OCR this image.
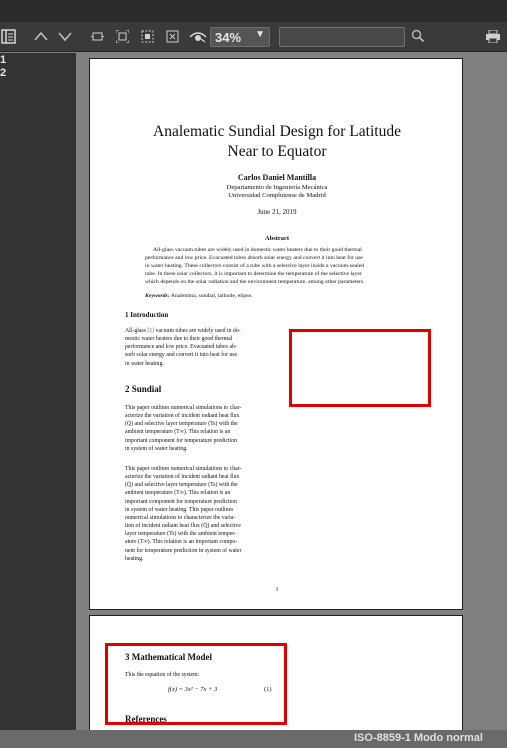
34% ▼
1
2
Analematic Sundial Design for Latitude
Near to Equator
Carlos Daniel Mantilla
Departamento de Ingeniería Mecánica
Universidad Complutense de Madrid
June 21, 2019
Abstract
All-glass vacuum tubes are widely used in domestic water heaters due to their good thermal
performance and low price. Evacuated tubes absorb solar energy and convert it into heat for use
in water heating. These collectors consist of a tube with a selective layer inside a vacuum-sealed
tube. In these solar collectors, it is important to determine the temperature of the selective layer
which depends on the solar radiation and the environment temperature, among other parameters.
Keywords: Analemma, sundial, latitude, elipse.
1 Introduction
All-glass [1] vacuum tubes are widely used in do-
mestic water heaters due to their good thermal
performance and low price. Evacuated tubes ab-
sorb solar energy and convert it into heat for use
in water heating.
2 Sundial
This paper outlines numerical simulations to char-
acterize the variation of incident radiant heat flux
(Q̇) and selective layer temperature (Ts) with the
ambient temperature (T∞). This relation is an
important component for temperature prediction
in system of water heating.
This paper outlines numerical simulations to char-
acterize the variation of incident radiant heat flux
(Q̇) and selective layer temperature (Ts) with the
ambient temperature (T∞). This relation is an
important component for temperature prediction
in system of water heating. This paper outlines
numerical simulations to characterize the varia-
tion of incident radiant heat flux (Q̇) and selective
layer temperature (Ts) with the ambient temper-
ature (T∞). This relation is an important compo-
nent for temperature prediction in system of water
heating.
1
3 Mathematical Model
This the equation of the system:
f(x) = 3x² − 7x + 3	(1)
References
ISO-8859-1 Modo normal
